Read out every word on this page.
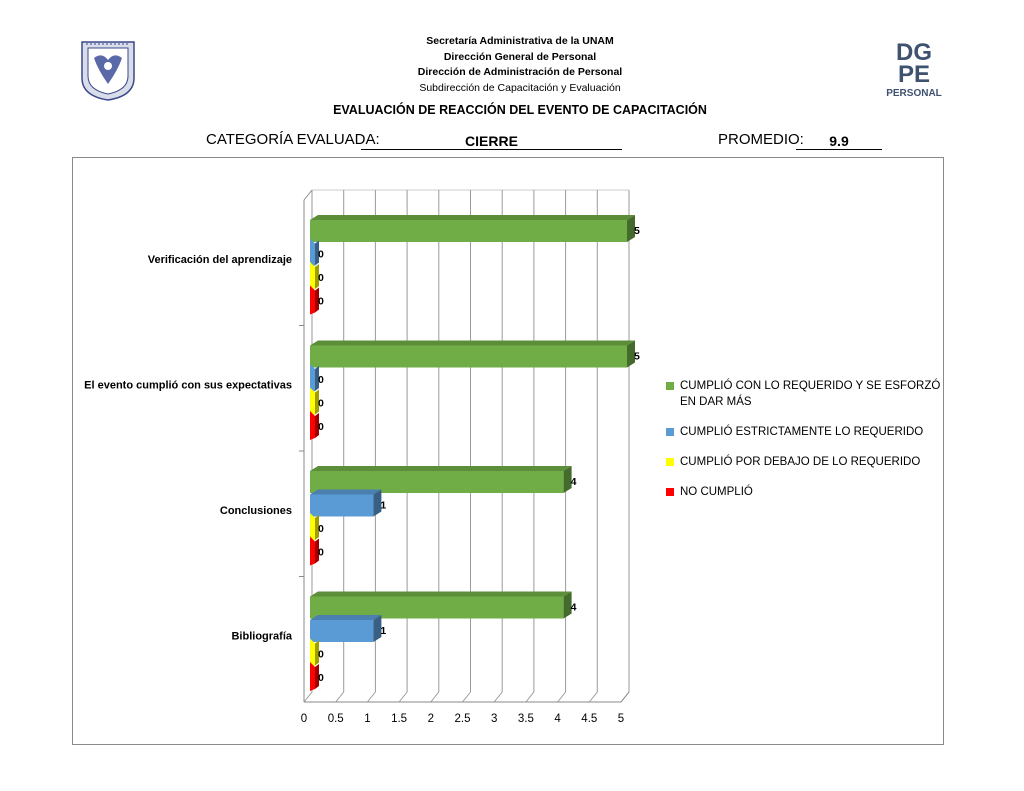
DG
PE
PERSONAL
Secretaría Administrativa de la UNAM
Dirección General de Personal
Dirección de Administración de Personal
Subdirección de Capacitación y Evaluación
EVALUACIÓN DE REACCIÓN DEL EVENTO DE CAPACITACIÓN
CATEGORÍA EVALUADA:	CIERRE	PROMEDIO:	9.9
0 0.5 1 1.5 2 2.5 3 3.5 4 4.5 5
Verificación del aprendizaje
5
0
0
0
El evento cumplió con sus expectativas
5
0
0
0
Conclusiones
4
1
0
0
Bibliografía
4
1
0
0
CUMPLIÓ CON LO REQUERIDO Y SE ESFORZÓ EN DAR MÁS
CUMPLIÓ ESTRICTAMENTE LO REQUERIDO
CUMPLIÓ POR DEBAJO DE LO REQUERIDO
NO CUMPLIÓ
